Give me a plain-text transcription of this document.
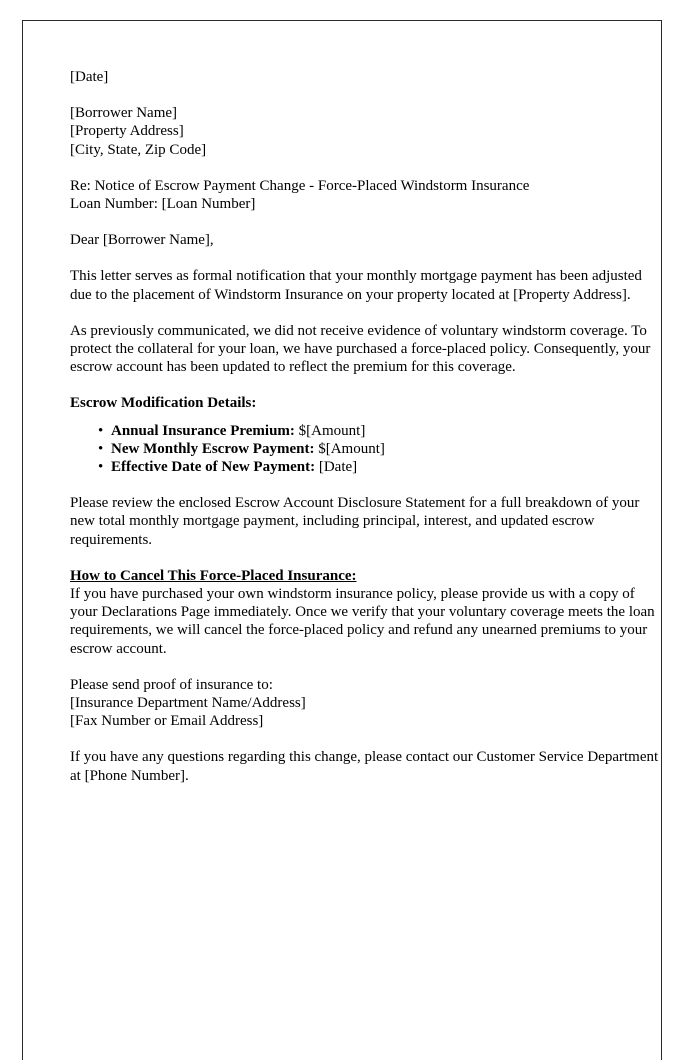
[Date]

[Borrower Name]
[Property Address]
[City, State, Zip Code]
Re: Notice of Escrow Payment Change - Force-Placed Windstorm Insurance
Loan Number: [Loan Number]

Dear [Borrower Name],

This letter serves as formal notification that your monthly mortgage payment has been adjusted due to the placement of Windstorm Insurance on your property located at [Property Address].

As previously communicated, we did not receive evidence of voluntary windstorm coverage. To protect the collateral for your loan, we have purchased a force-placed policy. Consequently, your escrow account has been updated to reflect the premium for this coverage.

Escrow Modification Details:
• Annual Insurance Premium: $[Amount]
• New Monthly Escrow Payment: $[Amount]
• Effective Date of New Payment: [Date]

Please review the enclosed Escrow Account Disclosure Statement for a full breakdown of your new total monthly mortgage payment, including principal, interest, and updated escrow requirements.

How to Cancel This Force-Placed Insurance:

If you have purchased your own windstorm insurance policy, please provide us with a copy of your Declarations Page immediately. Once we verify that your voluntary coverage meets the loan requirements, we will cancel the force-placed policy and refund any unearned premiums to your escrow account.

Please send proof of insurance to:
[Insurance Department Name/Address]
[Fax Number or Email Address]

If you have any questions regarding this change, please contact our Customer Service Department at [Phone Number].
